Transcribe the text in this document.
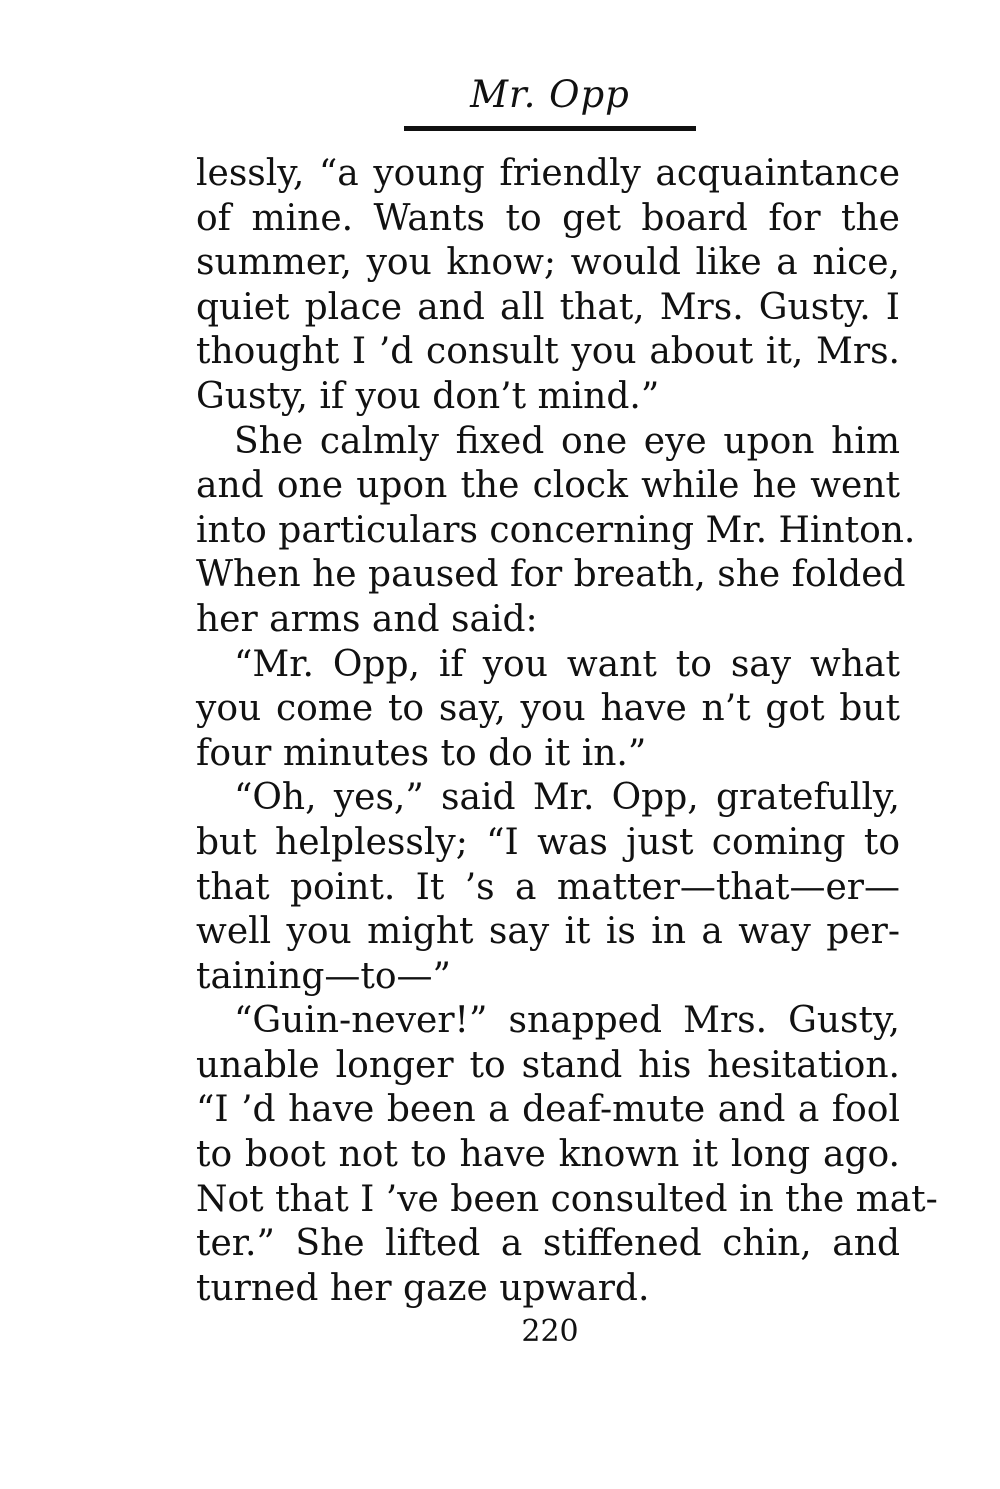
Mr. Opp
lessly, “a young friendly acquaintance
of mine. Wants to get board for the
summer, you know; would like a nice,
quiet place and all that, Mrs. Gusty. I
thought I ’d consult you about it, Mrs.
Gusty, if you don’t mind.”
She calmly fixed one eye upon him
and one upon the clock while he went
into particulars concerning Mr. Hinton.
When he paused for breath, she folded
her arms and said:
“Mr. Opp, if you want to say what
you come to say, you have n’t got but
four minutes to do it in.”
“Oh, yes,” said Mr. Opp, gratefully,
but helplessly; “I was just coming to
that point. It ’s a matter—that—er—
well you might say it is in a way per-
taining—to—”
“Guin-never!” snapped Mrs. Gusty,
unable longer to stand his hesitation.
“I ’d have been a deaf-mute and a fool
to boot not to have known it long ago.
Not that I ’ve been consulted in the mat-
ter.” She lifted a stiffened chin, and
turned her gaze upward.
220
